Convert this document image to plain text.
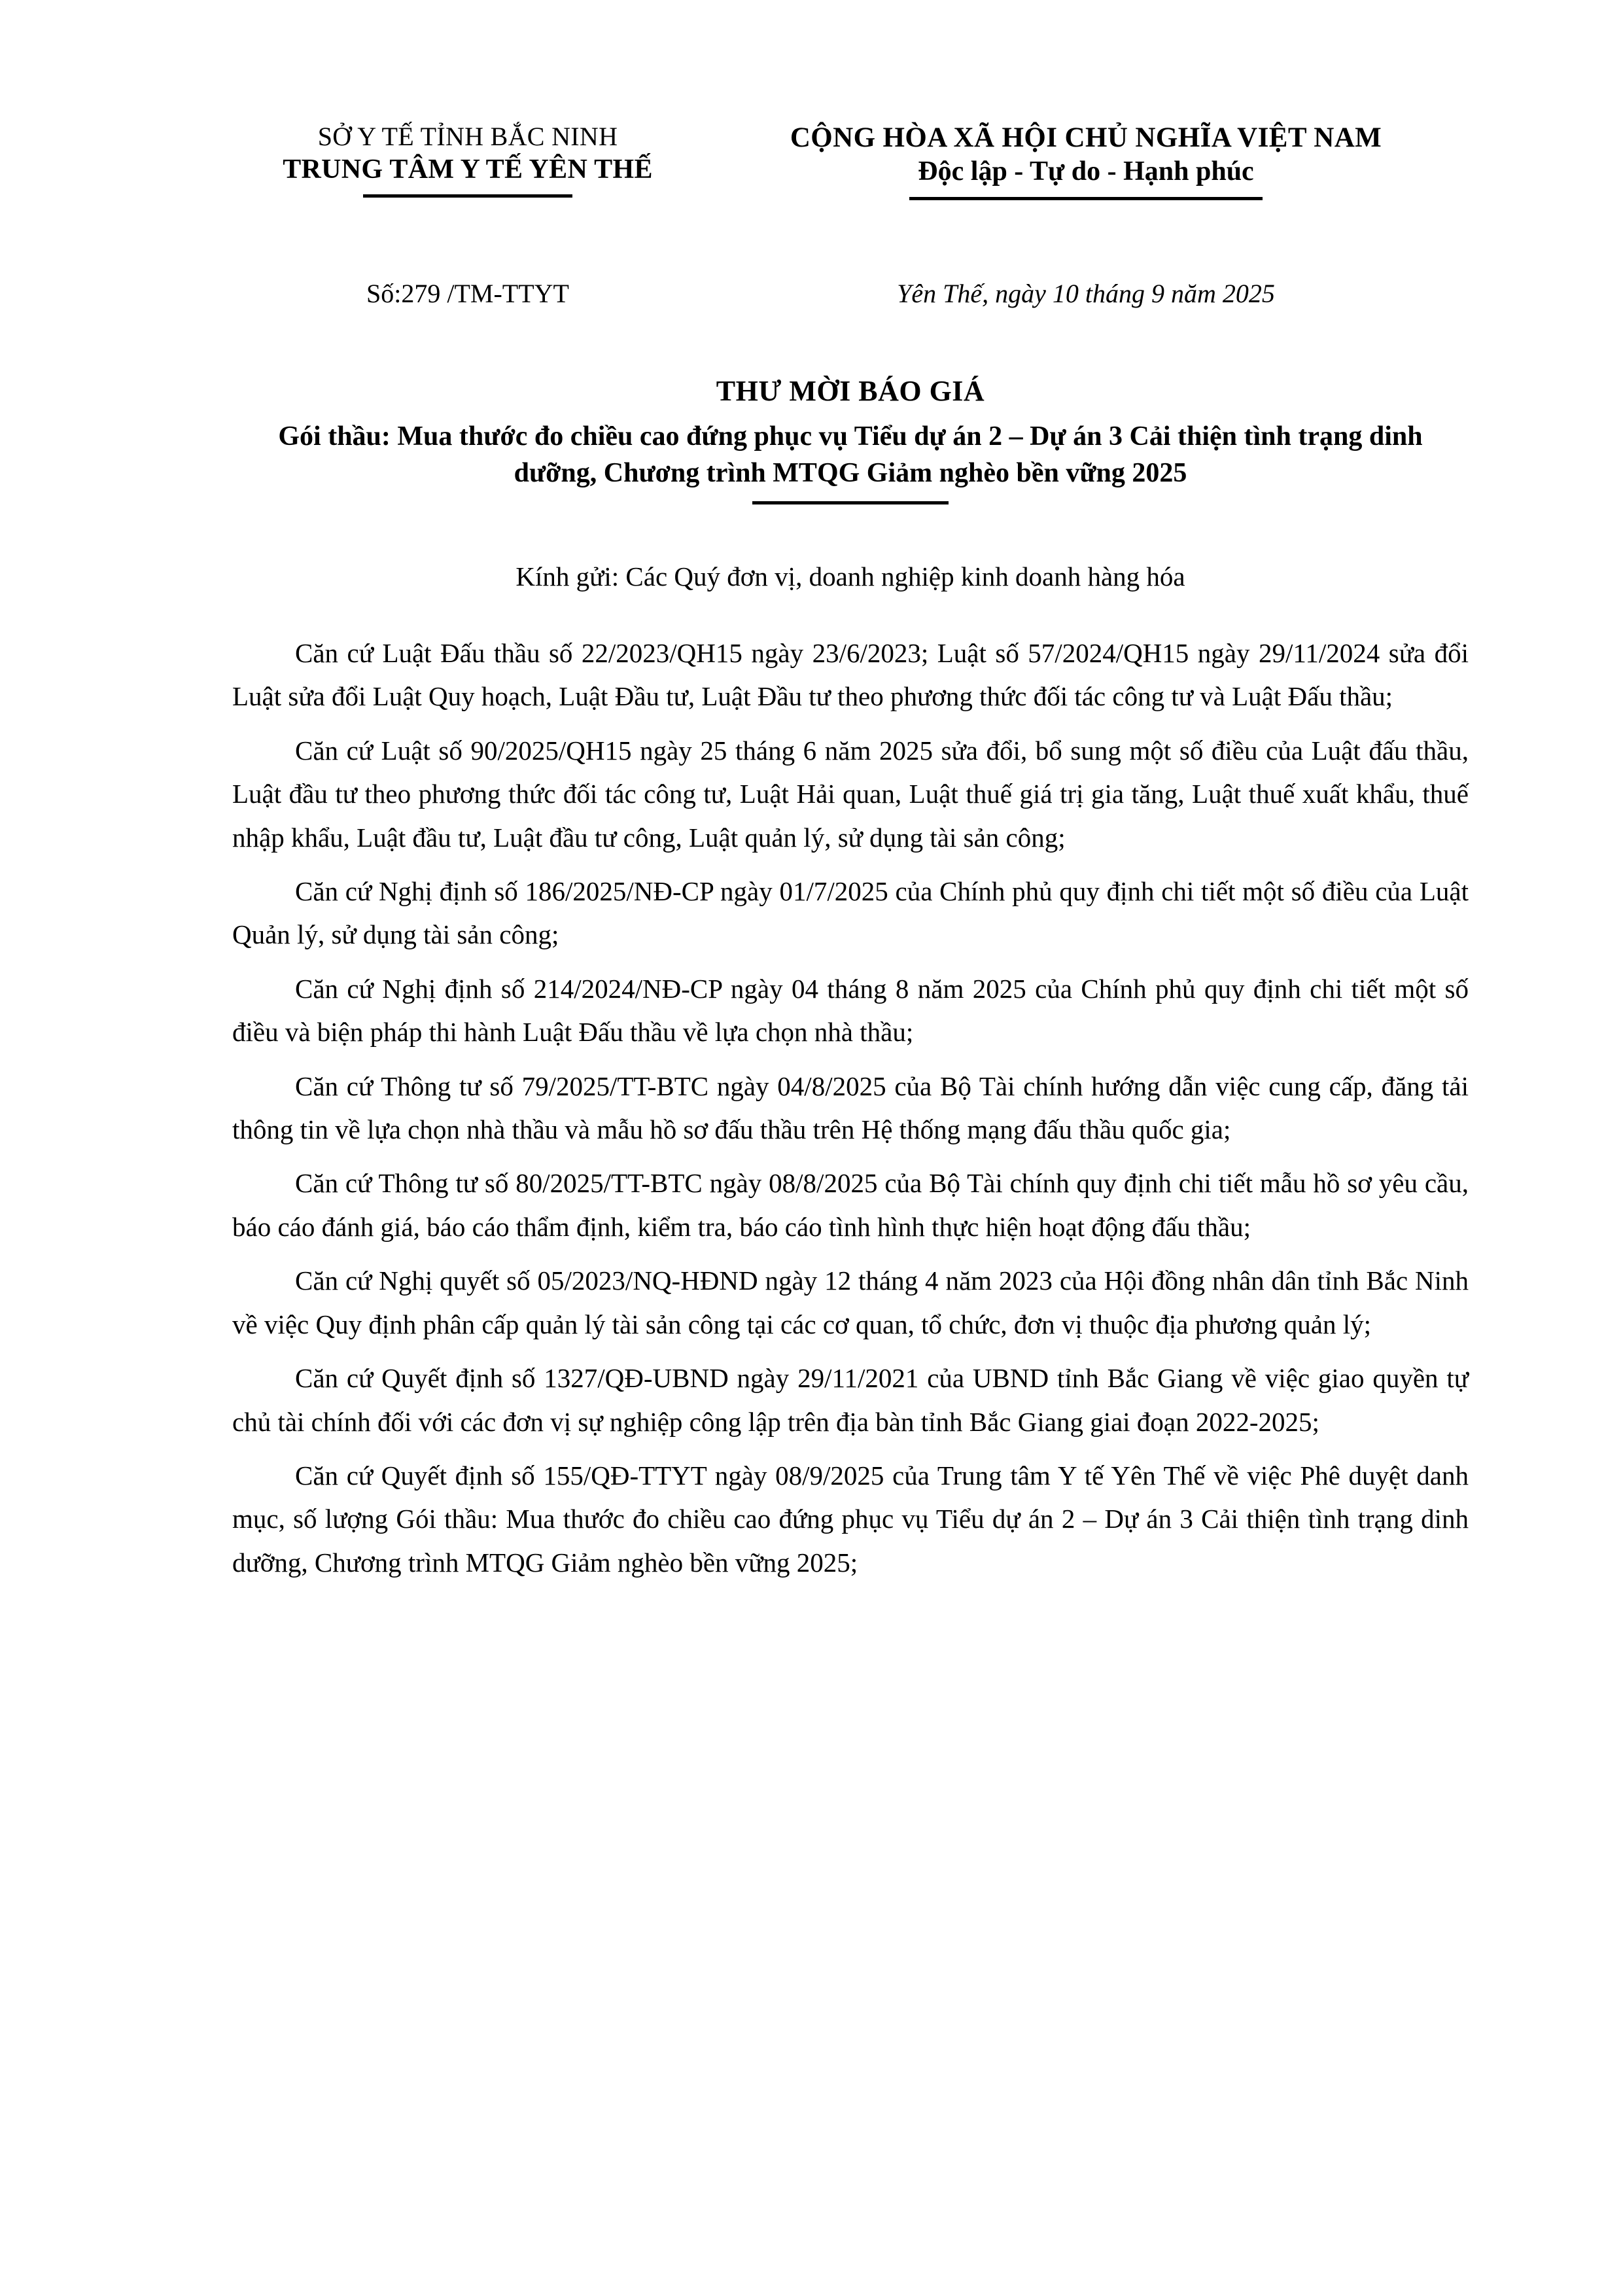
SỞ Y TẾ TỈNH BẮC NINH
TRUNG TÂM Y TẾ YÊN THẾ
CỘNG HÒA XÃ HỘI CHỦ NGHĨA VIỆT NAM
Độc lập - Tự do - Hạnh phúc
Số:279 /TM-TTYT	Yên Thế, ngày 10 tháng 9 năm 2025
THƯ MỜI BÁO GIÁ
Gói thầu: Mua thước đo chiều cao đứng phục vụ Tiểu dự án 2 – Dự án 3 Cải thiện tình trạng dinh dưỡng, Chương trình MTQG Giảm nghèo bền vững 2025
Kính gửi: Các Quý đơn vị, doanh nghiệp kinh doanh hàng hóa

Căn cứ Luật Đấu thầu số 22/2023/QH15 ngày 23/6/2023; Luật số 57/2024/QH15 ngày 29/11/2024 sửa đổi Luật sửa đổi Luật Quy hoạch, Luật Đầu tư, Luật Đầu tư theo phương thức đối tác công tư và Luật Đấu thầu;

Căn cứ Luật số 90/2025/QH15 ngày 25 tháng 6 năm 2025 sửa đổi, bổ sung một số điều của Luật đấu thầu, Luật đầu tư theo phương thức đối tác công tư, Luật Hải quan, Luật thuế giá trị gia tăng, Luật thuế xuất khẩu, thuế nhập khẩu, Luật đầu tư, Luật đầu tư công, Luật quản lý, sử dụng tài sản công;

Căn cứ Nghị định số 186/2025/NĐ-CP ngày 01/7/2025 của Chính phủ quy định chi tiết một số điều của Luật Quản lý, sử dụng tài sản công;

Căn cứ Nghị định số 214/2024/NĐ-CP ngày 04 tháng 8 năm 2025 của Chính phủ quy định chi tiết một số điều và biện pháp thi hành Luật Đấu thầu về lựa chọn nhà thầu;

Căn cứ Thông tư số 79/2025/TT-BTC ngày 04/8/2025 của Bộ Tài chính hướng dẫn việc cung cấp, đăng tải thông tin về lựa chọn nhà thầu và mẫu hồ sơ đấu thầu trên Hệ thống mạng đấu thầu quốc gia;

Căn cứ Thông tư số 80/2025/TT-BTC ngày 08/8/2025 của Bộ Tài chính quy định chi tiết mẫu hồ sơ yêu cầu, báo cáo đánh giá, báo cáo thẩm định, kiểm tra, báo cáo tình hình thực hiện hoạt động đấu thầu;

Căn cứ Nghị quyết số 05/2023/NQ-HĐND ngày 12 tháng 4 năm 2023 của Hội đồng nhân dân tỉnh Bắc Ninh về việc Quy định phân cấp quản lý tài sản công tại các cơ quan, tổ chức, đơn vị thuộc địa phương quản lý;

Căn cứ Quyết định số 1327/QĐ-UBND ngày 29/11/2021 của UBND tỉnh Bắc Giang về việc giao quyền tự chủ tài chính đối với các đơn vị sự nghiệp công lập trên địa bàn tỉnh Bắc Giang giai đoạn 2022-2025;

Căn cứ Quyết định số 155/QĐ-TTYT ngày 08/9/2025 của Trung tâm Y tế Yên Thế về việc Phê duyệt danh mục, số lượng Gói thầu: Mua thước đo chiều cao đứng phục vụ Tiểu dự án 2 – Dự án 3 Cải thiện tình trạng dinh dưỡng, Chương trình MTQG Giảm nghèo bền vững 2025;
